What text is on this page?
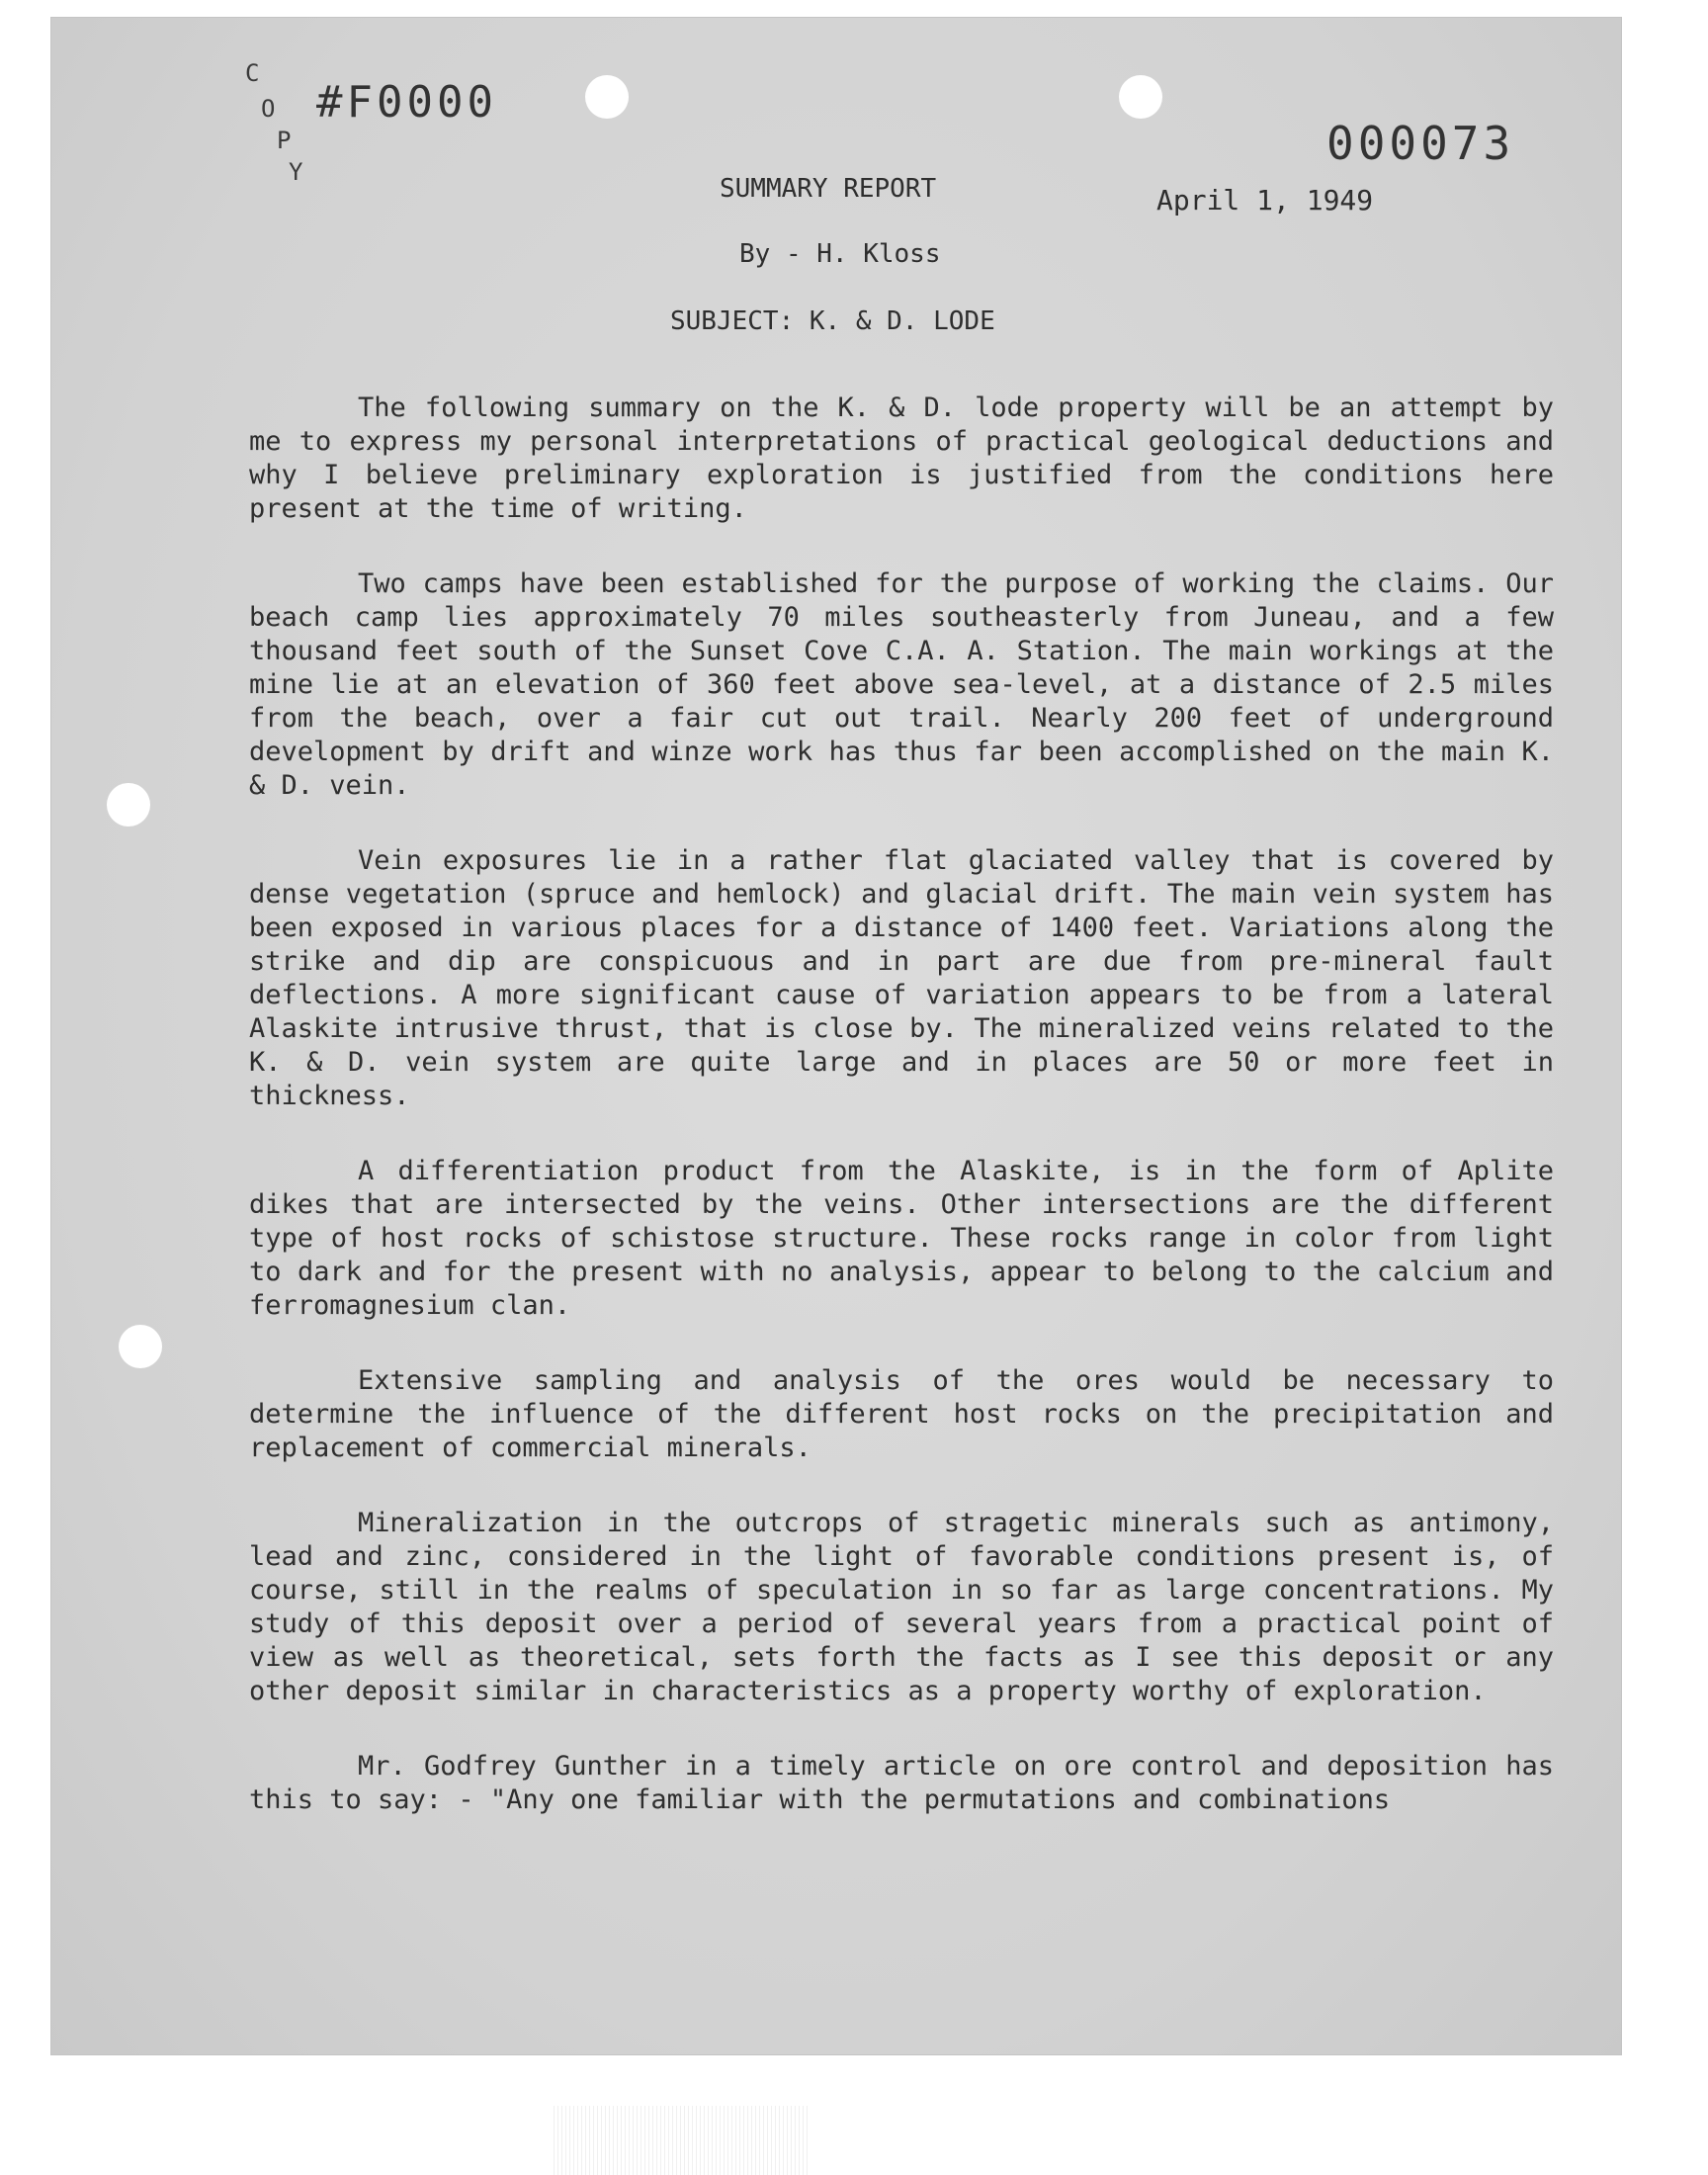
C
O
P
Y
#F0000
000073
SUMMARY REPORT	April 1, 1949
By - H. Kloss
SUBJECT: K. & D. LODE

The following summary on the K. & D. lode property will be an attempt by me to express my personal interpretations of practical geological deductions and why I believe preliminary exploration is justified from the conditions here present at the time of writing.

Two camps have been established for the purpose of working the claims. Our beach camp lies approximately 70 miles southeasterly from Juneau, and a few thousand feet south of the Sunset Cove C.A. A. Station. The main workings at the mine lie at an elevation of 360 feet above sea-level, at a distance of 2.5 miles from the beach, over a fair cut out trail. Nearly 200 feet of underground development by drift and winze work has thus far been accomplished on the main K. & D. vein.

Vein exposures lie in a rather flat glaciated valley that is covered by dense vegetation (spruce and hemlock) and glacial drift. The main vein system has been exposed in various places for a distance of 1400 feet. Variations along the strike and dip are conspicuous and in part are due from pre-mineral fault deflections. A more significant cause of variation appears to be from a lateral Alaskite intrusive thrust, that is close by. The mineralized veins related to the K. & D. vein system are quite large and in places are 50 or more feet in thickness.

A differentiation product from the Alaskite, is in the form of Aplite dikes that are intersected by the veins. Other intersections are the different type of host rocks of schistose structure. These rocks range in color from light to dark and for the present with no analysis, appear to belong to the calcium and ferromagnesium clan.

Extensive sampling and analysis of the ores would be necessary to determine the influence of the different host rocks on the precipitation and replacement of commercial minerals.

Mineralization in the outcrops of stragetic minerals such as antimony, lead and zinc, considered in the light of favorable conditions present is, of course, still in the realms of speculation in so far as large concentrations. My study of this deposit over a period of several years from a practical point of view as well as theoretical, sets forth the facts as I see this deposit or any other deposit similar in characteristics as a property worthy of exploration.

Mr. Godfrey Gunther in a timely article on ore control and deposition has this to say: - "Any one familiar with the permutations and combinations
